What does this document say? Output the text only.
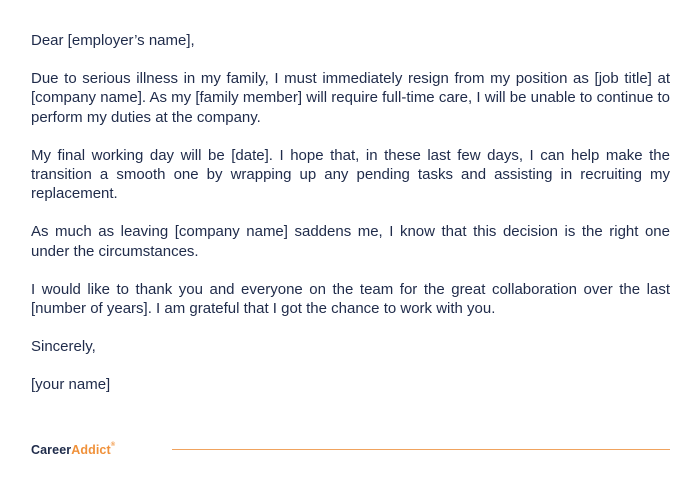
Dear [employer’s name],

Due to serious illness in my family, I must immediately resign from my position as [job title] at [company name]. As my [family member] will require full-time care, I will be unable to continue to perform my duties at the company.

My final working day will be [date]. I hope that, in these last few days, I can help make the transition a smooth one by wrapping up any pending tasks and assisting in recruiting my replacement.

As much as leaving [company name] saddens me, I know that this decision is the right one under the circumstances.

I would like to thank you and everyone on the team for the great collaboration over the last [number of years]. I am grateful that I got the chance to work with you.

Sincerely,

[your name]

CareerAddict®
